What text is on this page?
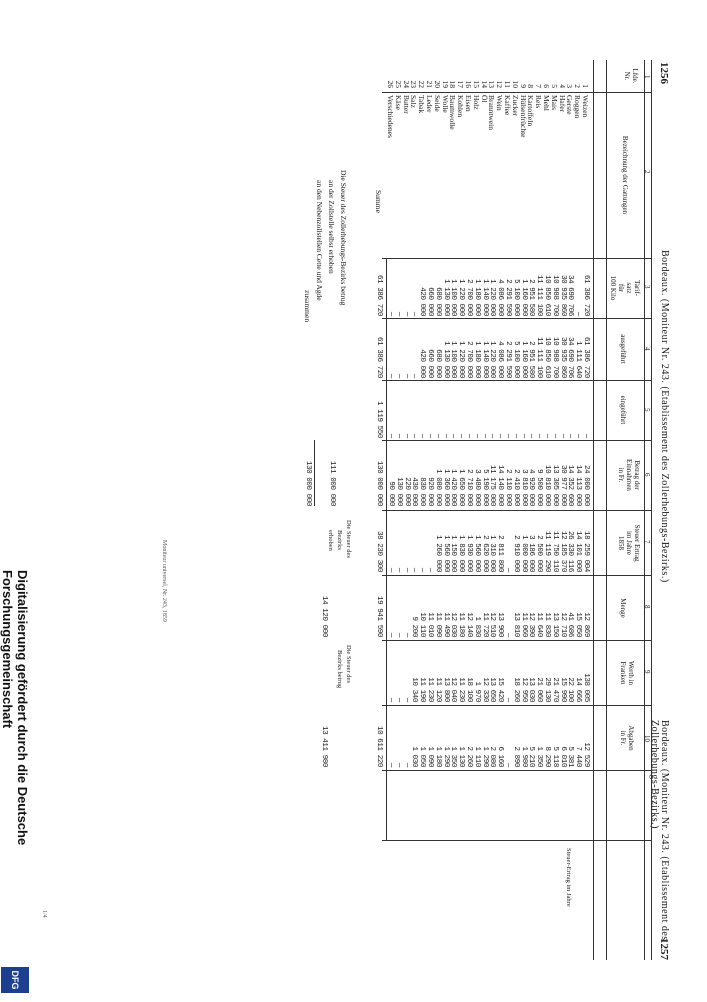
Digitalisierung gefördert durch die Deutsche Forschungsgemeinschaft
DFG
1256
Bordeaux. (Moniteur Nr. 243. (Etablissement des Zollerhebungs-Bezirks.)
Bordeaux. (Moniteur Nr. 243. (Etablissement des Zollerhebungs-Bezirks.)
1257
1
2
3
4
5
6
7
8
9
10
Lfde.
Nr.
Bezeichnung der Gattungen
Tarif-
satz
für
100 Kilo
ausgeführt
eingeführt
Betrag der
Einnahmen
in Fr.
Steuer Ertrag
im Jahre
1858
Menge
Werth in
Franken
Abgaben
in Fr.
1
Weizen
61 386 720
61 386 720
—
24 000 000
18 259 004
12 869
138 005
12 529
2
Roggen
—
1 111 640
—
14 113 000
14 101 000
15 050
14 666
7 440
3
Gerste
34 690 706
34 690 706
—
14 352 600
26 330 116
41 686
22 100
5 381
4
Hafer
30 935 860
30 935 860
—
30 977 000
12 185 370
12 710
15 990
6 010
5
Mais
10 988 700
10 988 700
—
13 305 000
11 750 110
13 150
21 470
5 118
6
Mehl
10 850 610
10 850 610
—
10 810 000
11 119 290
11 830
29 130
8 290
7
Reis
11 111 100
11 111 100
—
9 500 000
2 500 000
11 640
21 060
1 350
8
Kartoffeln
2 951 580
2 951 580
—
4 920 000
3 186 000
12 390
13 030
5 210
9
Hülsenfrüchte
1 160 000
1 160 000
—
3 810 000
1 000 000
11 060
12 950
1 980
10
Zucker
5 100 000
5 100 000
—
2 410 000
2 910 000
13 810
18 260
2 890
11
Kaffee
2 291 590
2 291 590
—
2 110 000
—
—
—
—
12
Wein
4 086 000
4 086 000
—
14 140 000
2 811 800
13 900
15 420
6 160
13
Branntwein
1 220 000
1 220 000
—
11 175 000
1 310 000
12 510
13 650
2 080
14
Öl
1 140 000
1 140 000
—
5 190 000
2 620 000
11 720
12 330
1 290
15
Holz
1 180 000
1 180 000
—
3 480 000
1 560 000
1 830
1 970
1 110
16
Eisen
2 700 000
2 700 000
—
2 710 000
1 930 000
12 140
18 100
2 260
17
Kohlen
1 220 000
1 220 000
—
1 650 000
1 830 000
11 180
11 230
1 130
18
Baumwolle
1 100 000
1 100 000
—
1 420 000
1 150 000
12 030
12 040
1 350
19
Wolle
1 130 000
1 130 000
—
1 360 000
1 560 000
11 490
13 800
1 290
20
Seide
680 000
680 000
—
1 080 000
1 260 000
11 090
11 120
1 180
21
Leder
660 000
660 000
—
920 000
—
11 010
11 230
1 090
22
Tabak
420 000
420 000
—
830 000
—
10 110
11 190
1 050
23
Salz
—
—
—
430 000
—
9 200
10 340
1 030
24
Butter
—
—
—
220 000
—
—
—
—
25
Käse
—
—
—
130 000
—
—
—
—
26
Verschiedenes
—
—
—
90 000
—
—
—
—
Summe
61 386 720
61 386 720
1 119 550
130 000 000
38 230 300
19 941 590
10 611 220
Die Steuer des Zollerhebungs-Bezirks betrug
an der Zollstelle selbst erhoben
an den Nebenzollstellen Cette und Agde
zusammen
111 000 000
130 000 000
Die Steuer des
Bezirks
erhoben
14 120 000
Die Steuer des
Bezirks betrug
13 411 980
Steuer-Ertrag im Jahre
Moniteur universel, Nr. 243, 1859
1/4
